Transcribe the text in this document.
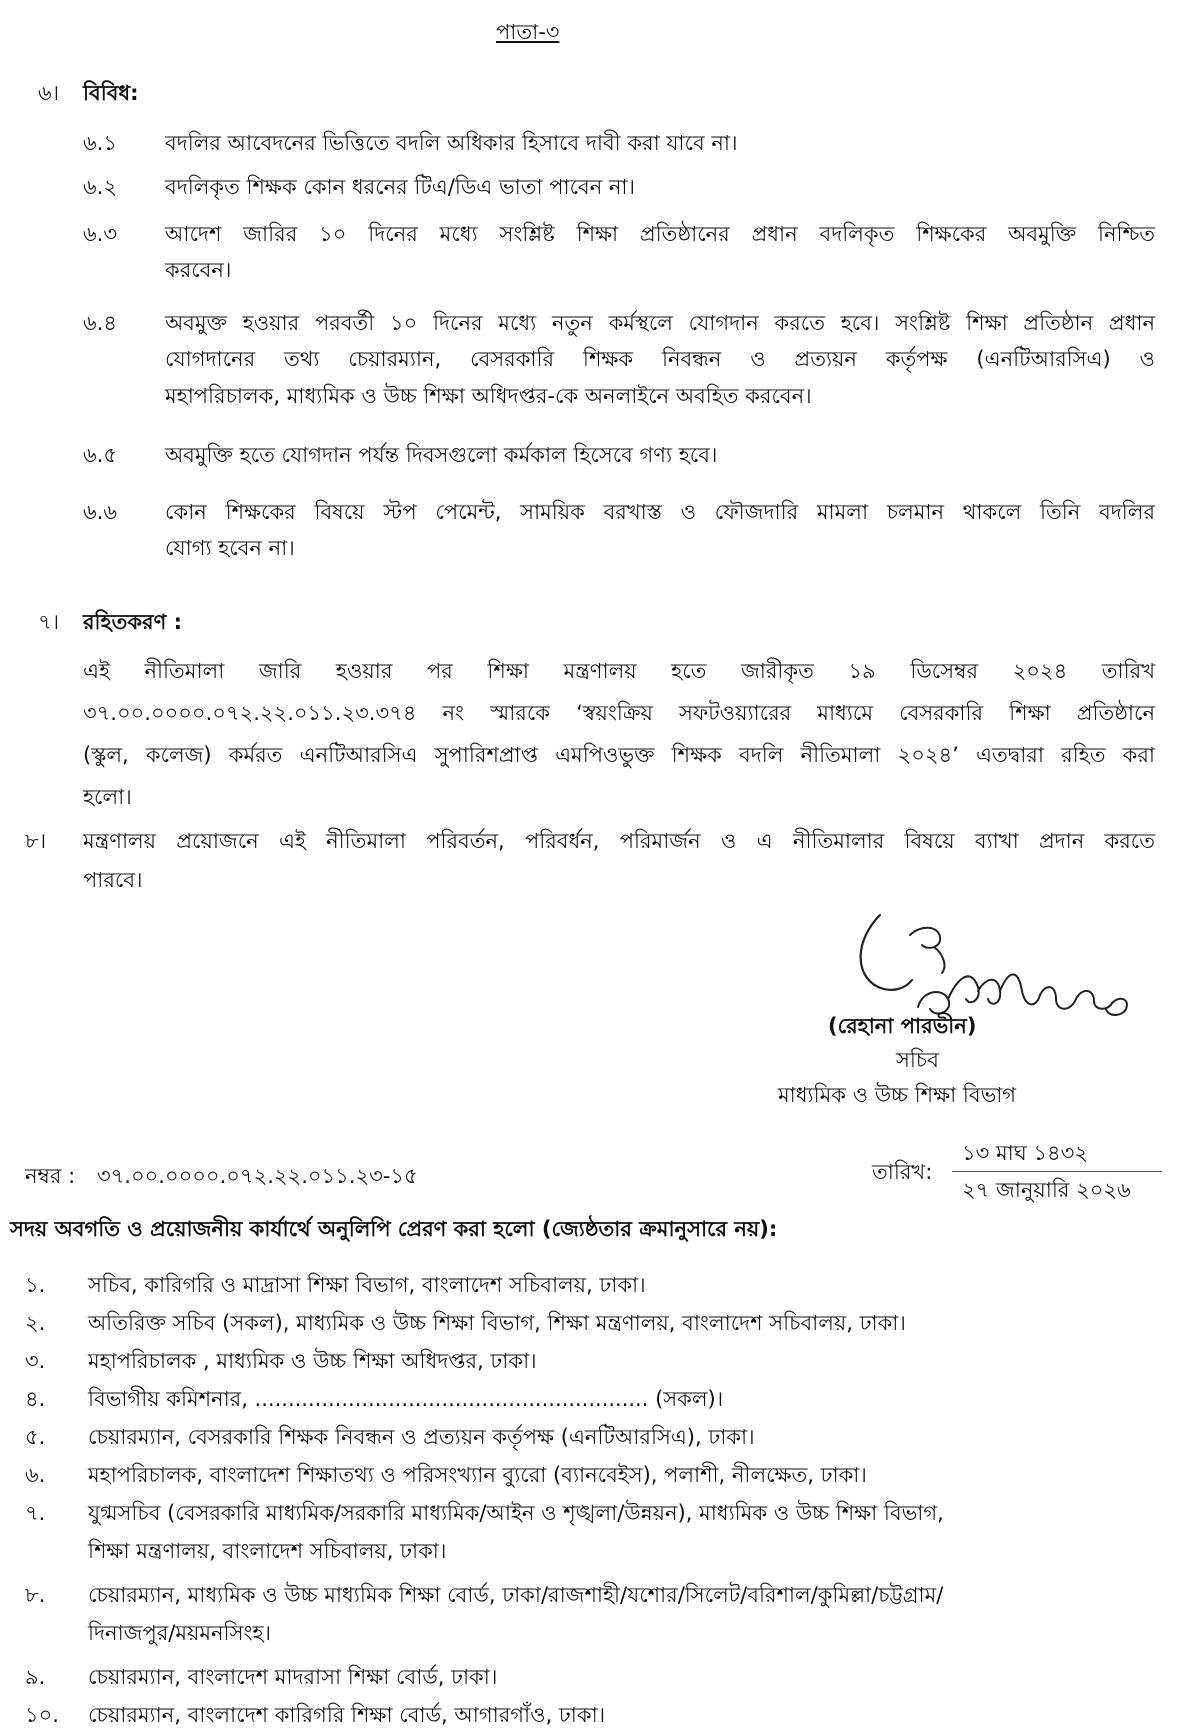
পাতা-৩
৬। বিবিধ:
৬.১ বদলির আবেদনের ভিত্তিতে বদলি অধিকার হিসাবে দাবী করা যাবে না।
৬.২ বদলিকৃত শিক্ষক কোন ধরনের টিএ/ডিএ ভাতা পাবেন না।
৬.৩ আদেশ জারির ১০ দিনের মধ্যে সংশ্লিষ্ট শিক্ষা প্রতিষ্ঠানের প্রধান বদলিকৃত শিক্ষকের অবমুক্তি নিশ্চিত
করবেন।
৬.৪ অবমুক্ত হওয়ার পরবর্তী ১০ দিনের মধ্যে নতুন কর্মস্থলে যোগদান করতে হবে। সংশ্লিষ্ট শিক্ষা প্রতিষ্ঠান প্রধান
যোগদানের তথ্য চেয়ারম্যান, বেসরকারি শিক্ষক নিবন্ধন ও প্রত্যয়ন কর্তৃপক্ষ (এনটিআরসিএ) ও
মহাপরিচালক, মাধ্যমিক ও উচ্চ শিক্ষা অধিদপ্তর-কে অনলাইনে অবহিত করবেন।
৬.৫ অবমুক্তি হতে যোগদান পর্যন্ত দিবসগুলো কর্মকাল হিসেবে গণ্য হবে।
৬.৬ কোন শিক্ষকের বিষয়ে স্টপ পেমেন্ট, সাময়িক বরখাস্ত ও ফৌজদারি মামলা চলমান থাকলে তিনি বদলির
যোগ্য হবেন না।
৭। রহিতকরণ :
এই নীতিমালা জারি হওয়ার পর শিক্ষা মন্ত্রণালয় হতে জারীকৃত ১৯ ডিসেম্বর ২০২৪ তারিখ
৩৭.০০.০০০০.০৭২.২২.০১১.২৩.৩৭৪ নং স্মারকে ‘স্বয়ংক্রিয় সফটওয়্যারের মাধ্যমে বেসরকারি শিক্ষা প্রতিষ্ঠানে
(স্কুল, কলেজ) কর্মরত এনটিআরসিএ সুপারিশপ্রাপ্ত এমপিওভুক্ত শিক্ষক বদলি নীতিমালা ২০২৪’ এতদ্বারা রহিত করা
হলো।
৮। মন্ত্রণালয় প্রয়োজনে এই নীতিমালা পরিবর্তন, পরিবর্ধন, পরিমার্জন ও এ নীতিমালার বিষয়ে ব্যাখা প্রদান করতে
পারবে।
(রেহানা পারভীন)
সচিব
মাধ্যমিক ও উচ্চ শিক্ষা বিভাগ
নম্বর : ৩৭.০০.০০০০.০৭২.২২.০১১.২৩-১৫	তারিখ:
১৩ মাঘ ১৪৩২
২৭ জানুয়ারি ২০২৬
সদয় অবগতি ও প্রয়োজনীয় কার্যার্থে অনুলিপি প্রেরণ করা হলো (জ্যেষ্ঠতার ক্রমানুসারে নয়):
১. সচিব, কারিগরি ও মাদ্রাসা শিক্ষা বিভাগ, বাংলাদেশ সচিবালয়, ঢাকা।
২. অতিরিক্ত সচিব (সকল), মাধ্যমিক ও উচ্চ শিক্ষা বিভাগ, শিক্ষা মন্ত্রণালয়, বাংলাদেশ সচিবালয়, ঢাকা।
৩. মহাপরিচালক , মাধ্যমিক ও উচ্চ শিক্ষা অধিদপ্তর, ঢাকা।
৪. বিভাগীয় কমিশনার, ........................................................... (সকল)।
৫. চেয়ারম্যান, বেসরকারি শিক্ষক নিবন্ধন ও প্রত্যয়ন কর্তৃপক্ষ (এনটিআরসিএ), ঢাকা।
৬. মহাপরিচালক, বাংলাদেশ শিক্ষাতথ্য ও পরিসংখ্যান ব্যুরো (ব্যানবেইস), পলাশী, নীলক্ষেত, ঢাকা।
৭. যুগ্মসচিব (বেসরকারি মাধ্যমিক/সরকারি মাধ্যমিক/আইন ও শৃঙ্খলা/উন্নয়ন), মাধ্যমিক ও উচ্চ শিক্ষা বিভাগ,
শিক্ষা মন্ত্রণালয়, বাংলাদেশ সচিবালয়, ঢাকা।
৮. চেয়ারম্যান, মাধ্যমিক ও উচ্চ মাধ্যমিক শিক্ষা বোর্ড, ঢাকা/রাজশাহী/যশোর/সিলেট/বরিশাল/কুমিল্লা/চট্টগ্রাম/
দিনাজপুর/ময়মনসিংহ।
৯. চেয়ারম্যান, বাংলাদেশ মাদরাসা শিক্ষা বোর্ড, ঢাকা।
১০. চেয়ারম্যান, বাংলাদেশ কারিগরি শিক্ষা বোর্ড, আগারগাঁও, ঢাকা।
